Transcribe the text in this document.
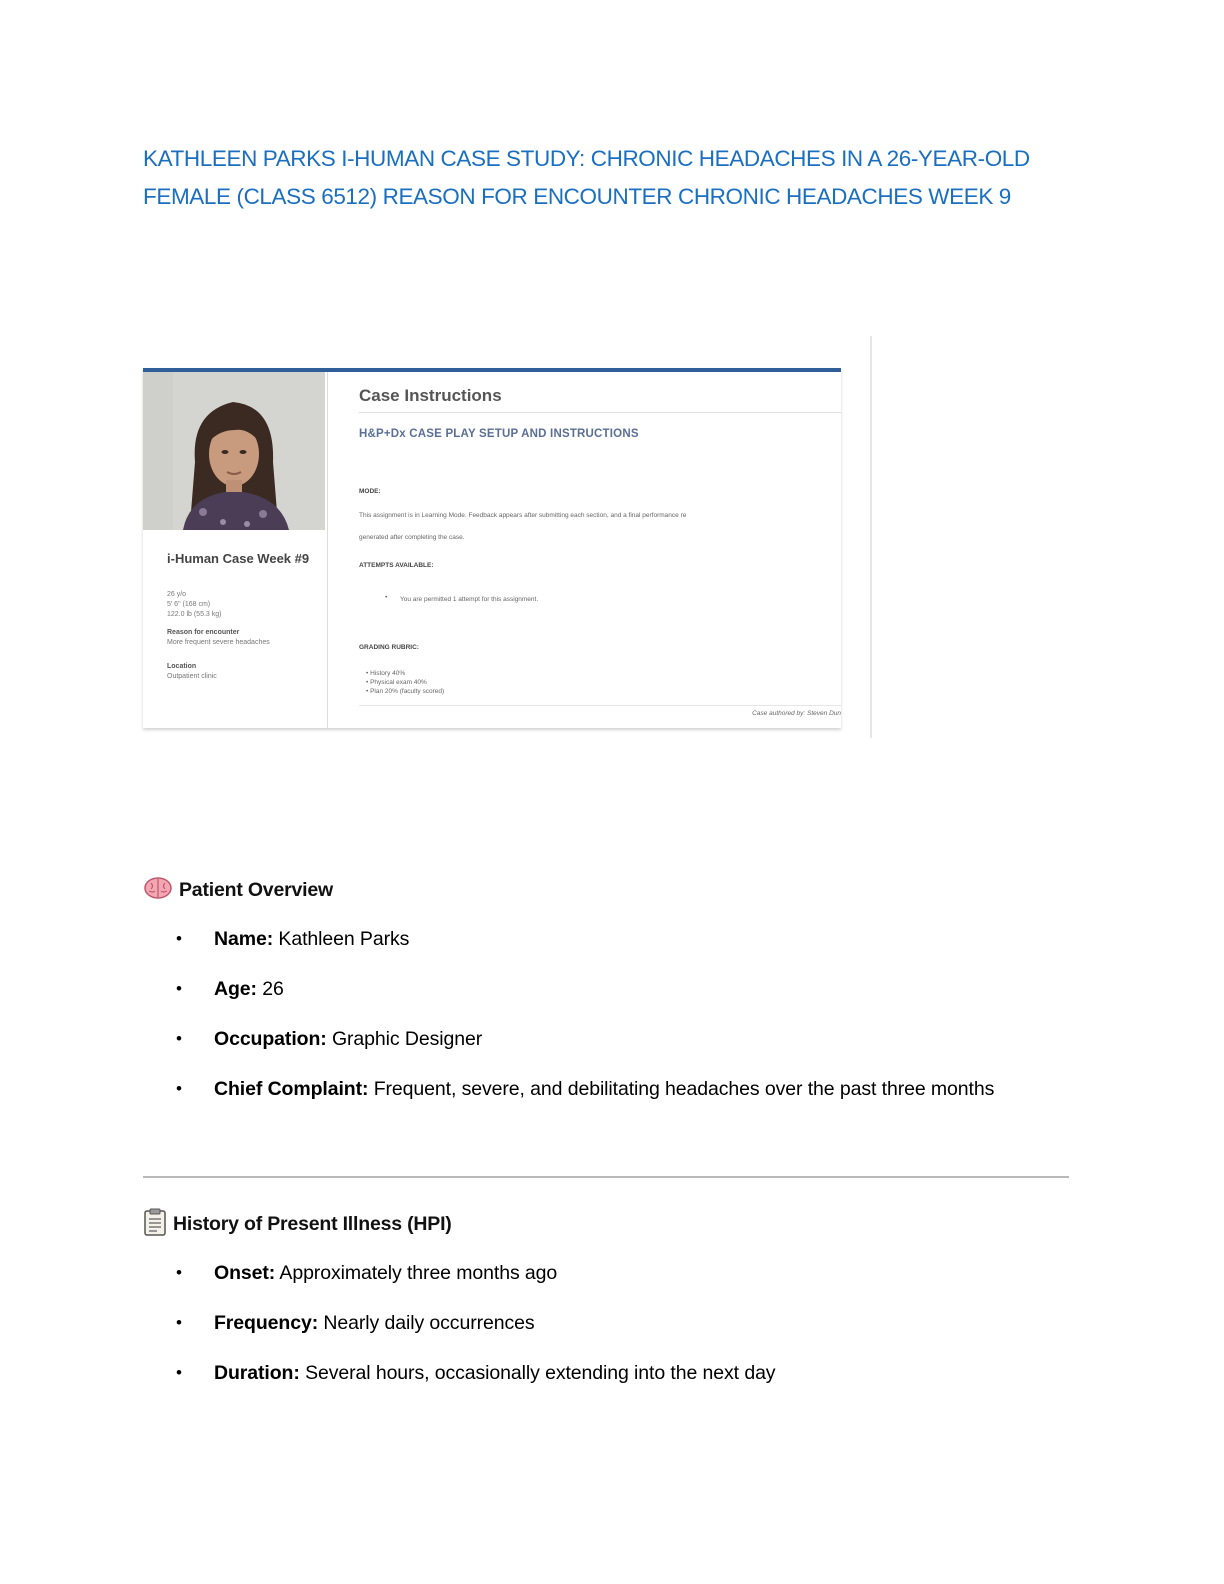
KATHLEEN PARKS I-HUMAN CASE STUDY: CHRONIC HEADACHES IN A 26-YEAR-OLD FEMALE (CLASS 6512) REASON FOR ENCOUNTER CHRONIC HEADACHES WEEK 9

i-Human Case Week #9

26 y/o
5' 6" (168 cm)
122.0 lb (55.3 kg)
Reason for encounter
More frequent severe headaches
Location
Outpatient clinic
Case Instructions
H&P+Dx CASE PLAY SETUP AND INSTRUCTIONS
MODE:
This assignment is in Learning Mode. Feedback appears after submitting each section, and a final performance re
generated after completing the case.
ATTEMPTS AVAILABLE:
• You are permitted 1 attempt for this assignment.
GRADING RUBRIC:
• History 40%
• Physical exam 40%
• Plan 20% (faculty scored)
Case authored by: Steven Dun
Patient Overview
• Name: Kathleen Parks
• Age: 26
• Occupation: Graphic Designer
• Chief Complaint: Frequent, severe, and debilitating headaches over the past three months
History of Present Illness (HPI)
• Onset: Approximately three months ago
• Frequency: Nearly daily occurrences
• Duration: Several hours, occasionally extending into the next day
